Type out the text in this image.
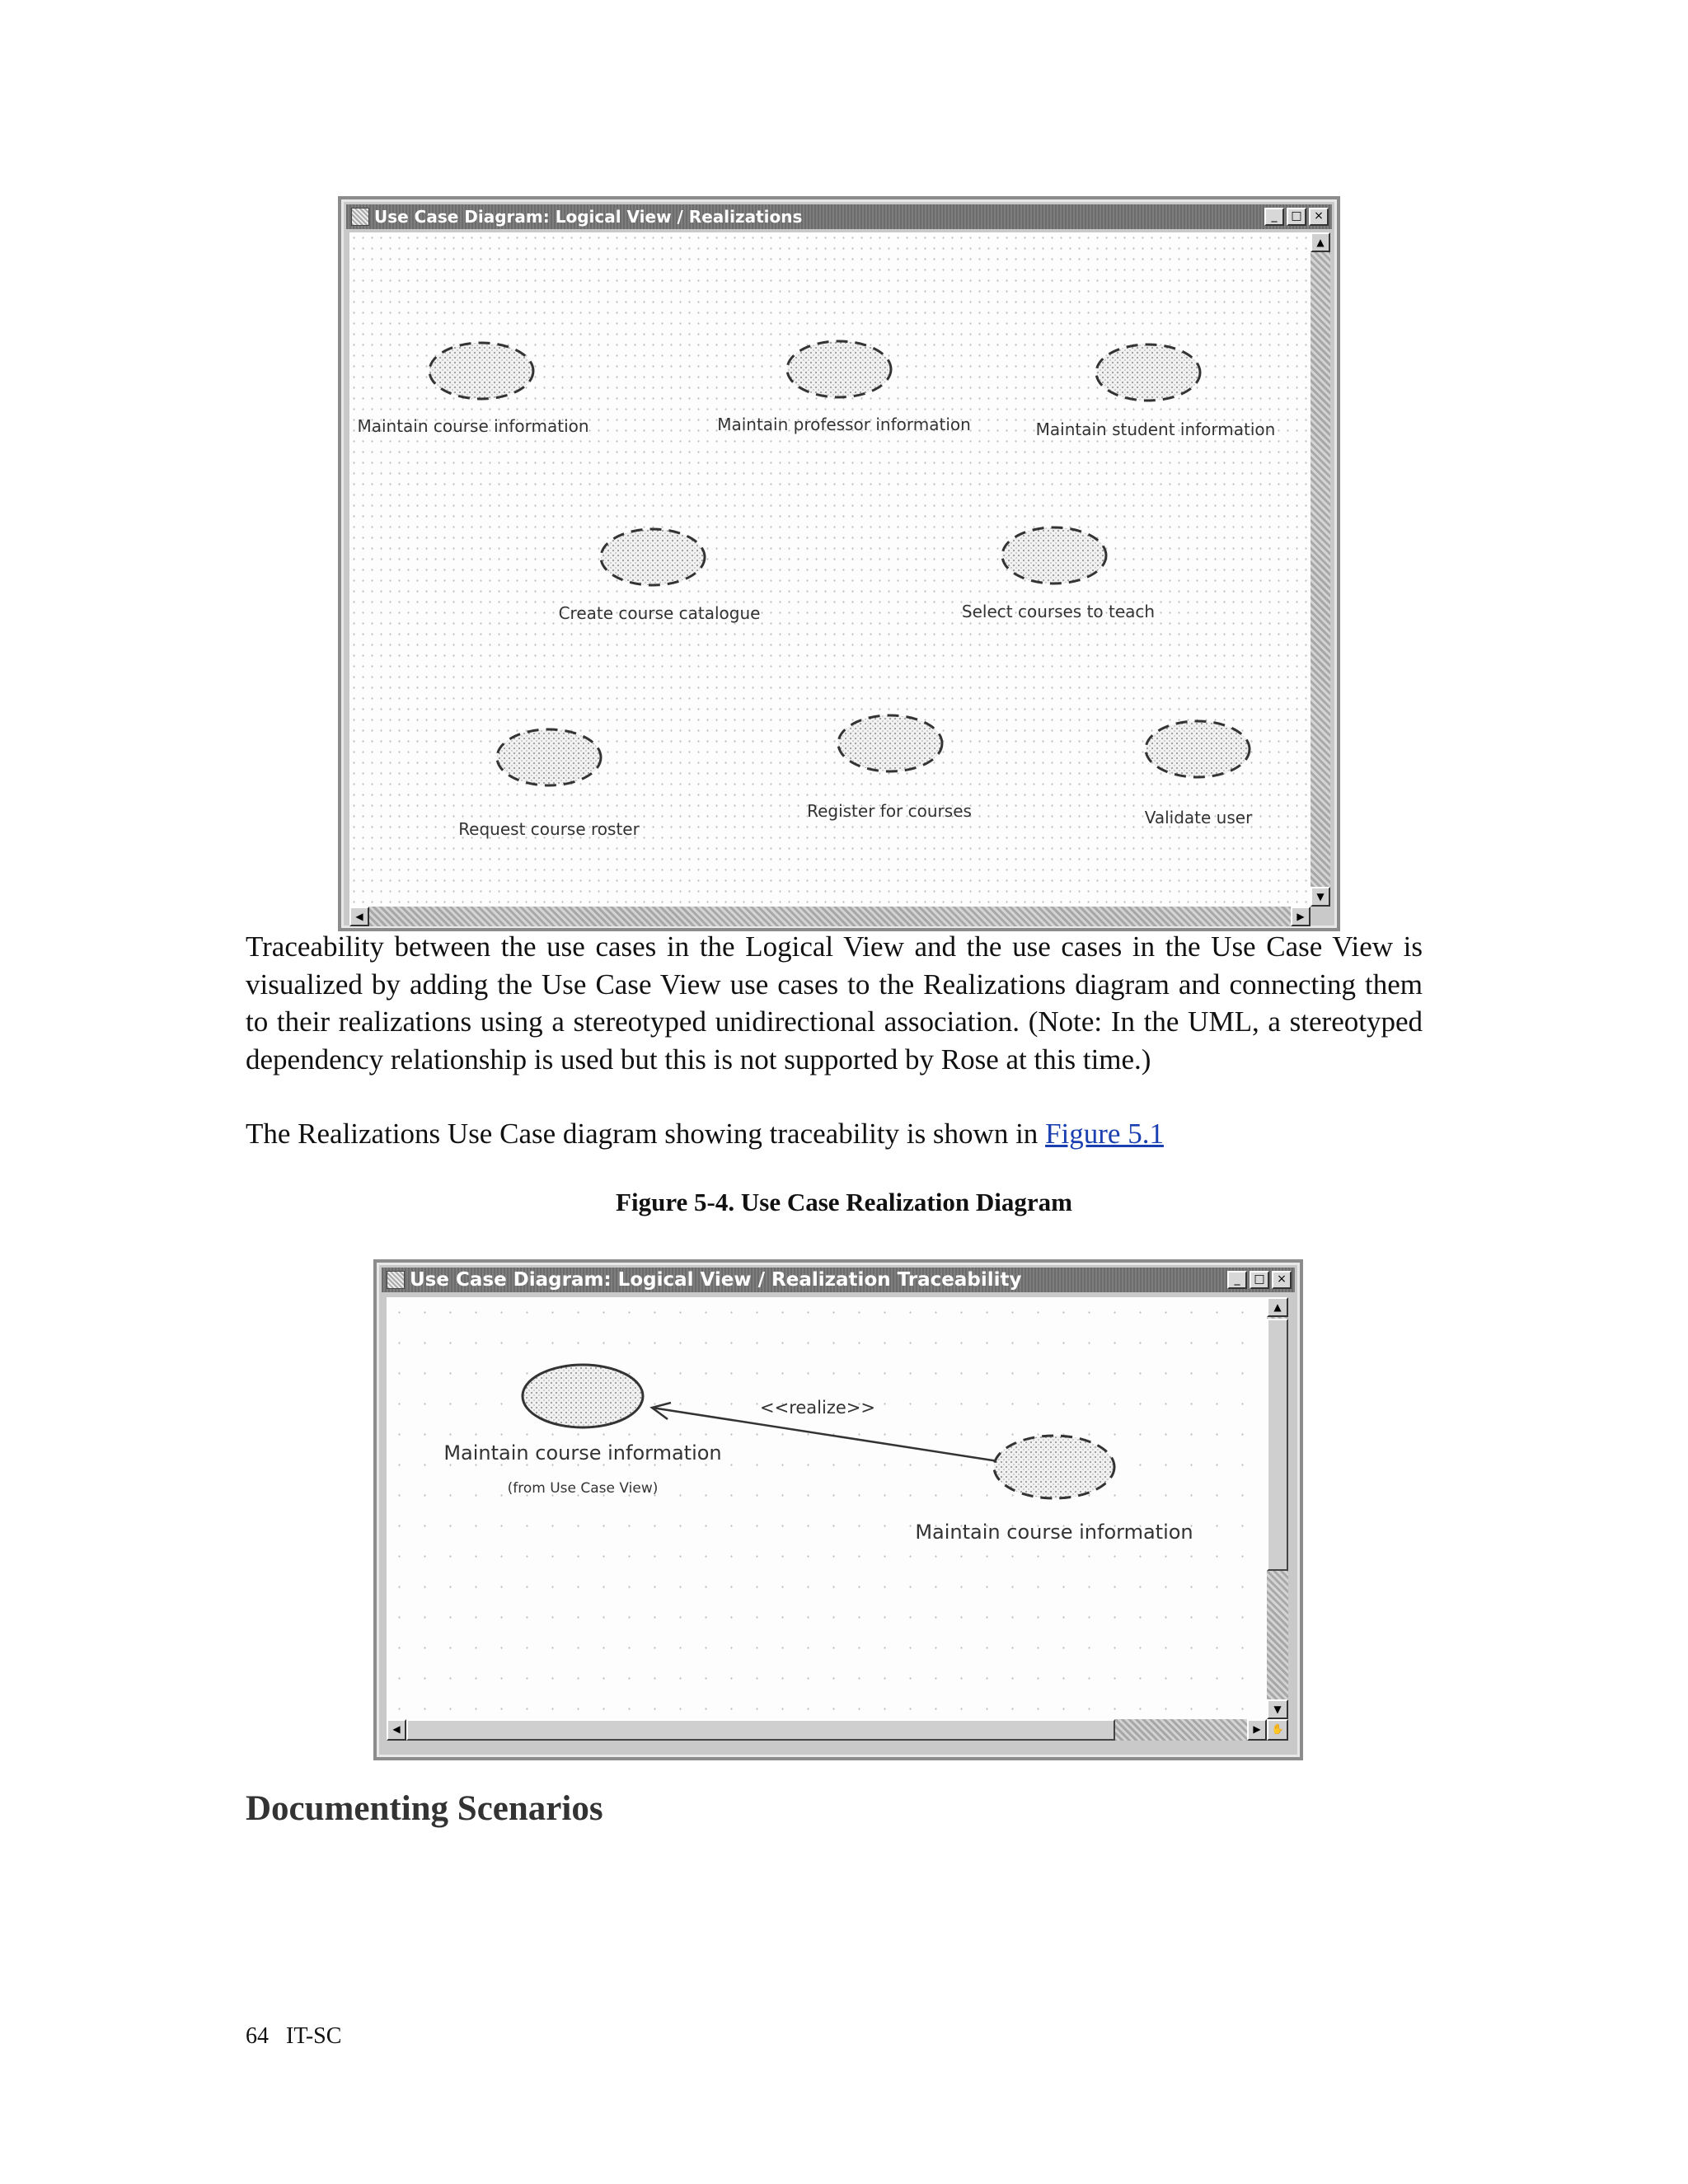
Use Case Diagram: Logical View / Realizations	_	□	×
Maintain course information	Maintain professor information	Maintain student information
Create course catalogue	Select courses to teach
Request course roster
Register for courses	Validate user
▲
▼
◀	▶

Traceability between the use cases in the Logical View and the use cases in the Use Case View is visualized by adding the Use Case View use cases to the Realizations diagram and connecting them to their realizations using a stereotyped unidirectional association. (Note: In the UML, a stereotyped dependency relationship is used but this is not supported by Rose at this time.)

The Realizations Use Case diagram showing traceability is shown in Figure 5.1

Figure 5-4. Use Case Realization Diagram
Use Case Diagram: Logical View / Realization Traceability	_	□	×
<<realize>>
Maintain course information
(from Use Case View)
Maintain course information
▲
▼
◀	▶	✋
Documenting Scenarios
64 IT-SC
